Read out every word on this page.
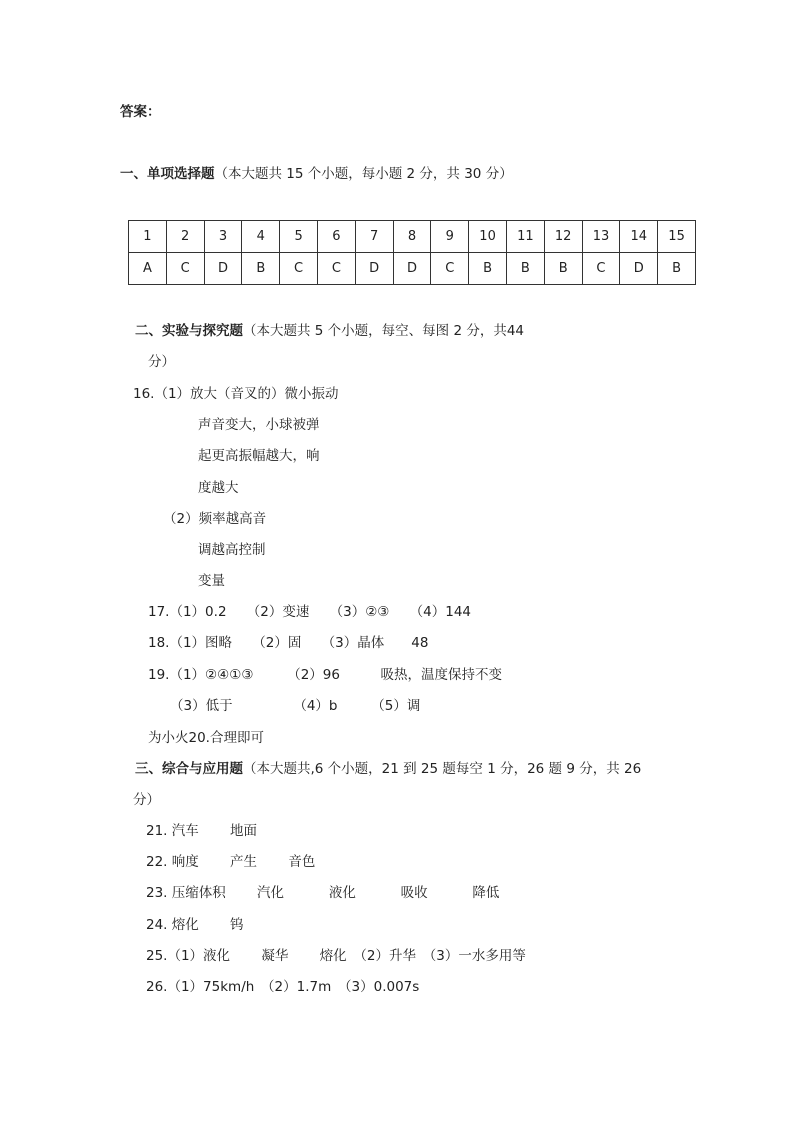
答案：
一、单项选择题（本大题共 15 个小题，每小题 2 分，共 30 分）
1	2	3	4	5	6	7	8	9	10	11	12	13	14	15
A	C	D	B	C	C	D	D	C	B	B	B	C	D	B
二、实验与探究题（本大题共 5 个小题，每空、每图 2 分，共44
分）
16.（1）放大（音叉的）微小振动
声音变大，小球被弹
起更高振幅越大，响
度越大
（2）频率越高音
调越高控制
变量
17.（1）0.2　　（2）变速　　（3）②③　　（4）144
18.（1）图略　　（2）固　　（3）晶体　　48
19.（1）②④①③　　　（2）96　　　吸热，温度保持不变
（3）低于　　　　　（4）b　　　（5）调
为小火20.合理即可
三、综合与应用题（本大题共,6 个小题，21 到 25 题每空 1 分，26 题 9 分，共 26
分）
21. 汽车　　 地面
22. 响度　　 产生　　 音色
23. 压缩体积　　 汽化　　　 液化　　　 吸收　　　 降低
24. 熔化　　 钨
25.（1）液化　　 凝华　　 熔化　（2）升华　（3）一水多用等
26.（1）75km/h　（2）1.7m　（3）0.007s
